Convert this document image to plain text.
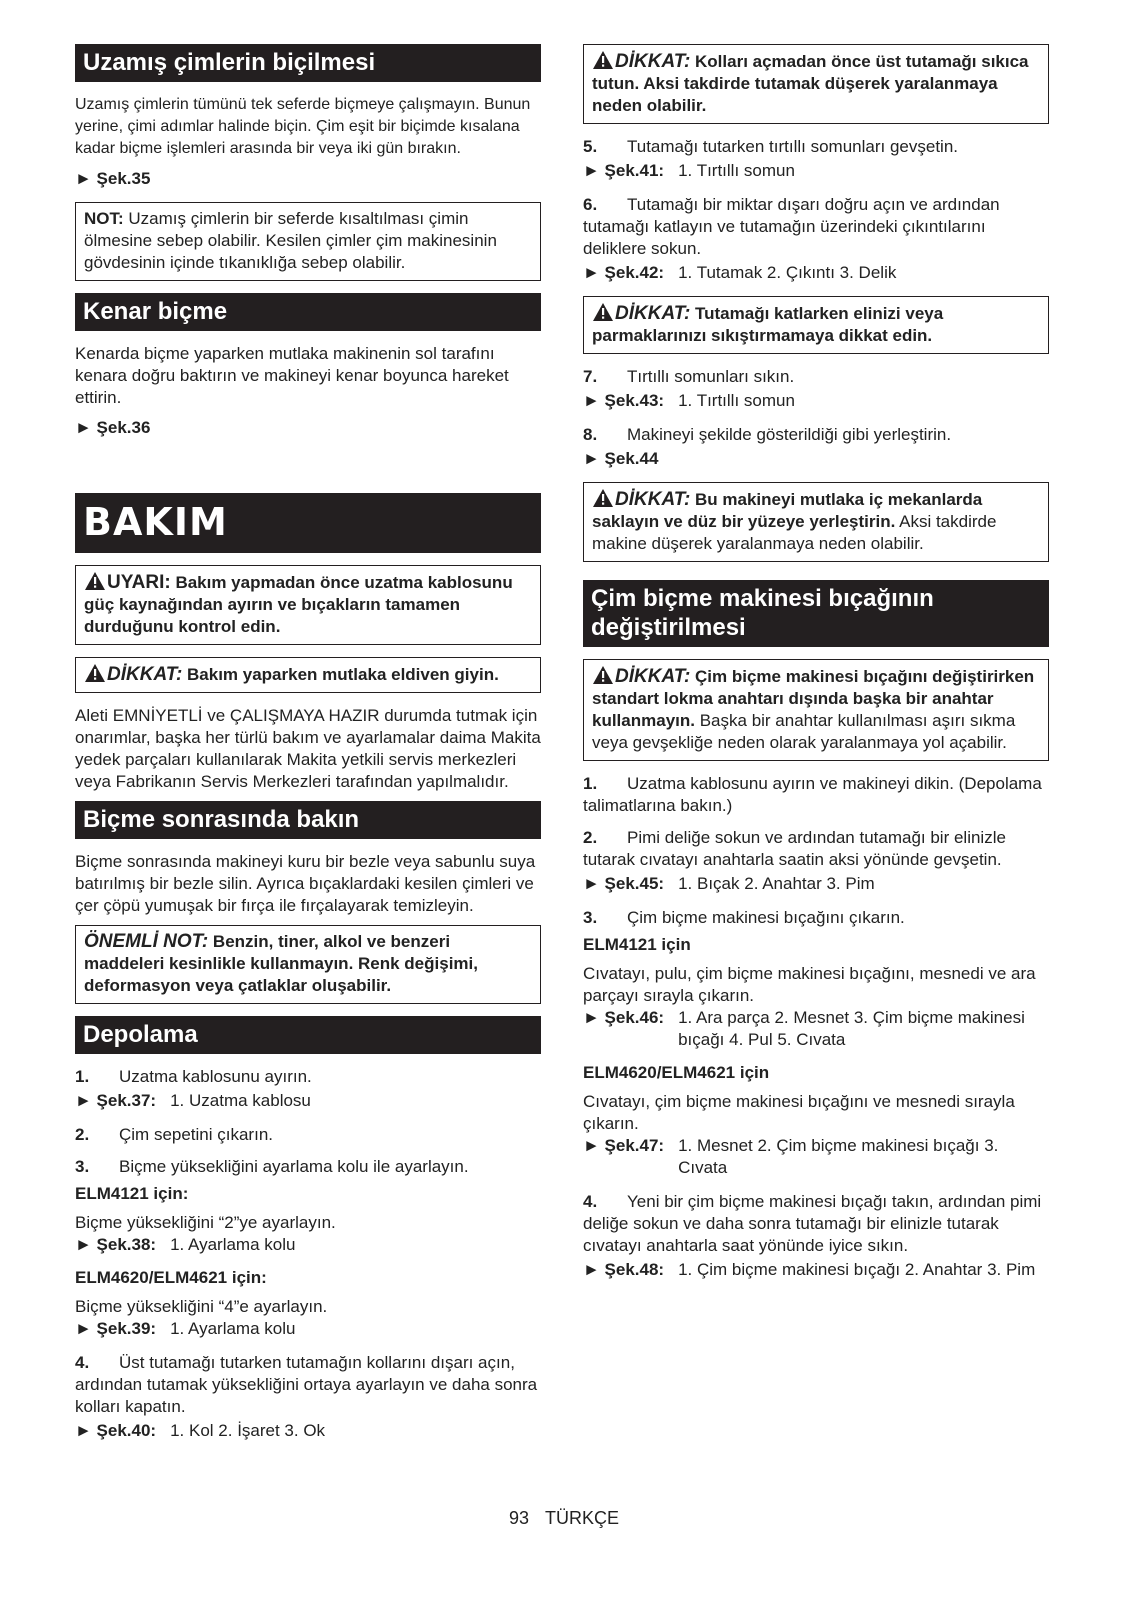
Uzamış çimlerin biçilmesi

Uzamış çimlerin tümünü tek seferde biçmeye çalışmayın. Bunun yerine, çimi adımlar halinde biçin. Çim eşit bir biçimde kısalana kadar biçme işlemleri arasında bir veya iki gün bırakın.

► Şek.35
NOT: Uzamış çimlerin bir seferde kısaltılması çimin ölmesine sebep olabilir. Kesilen çimler çim makinesinin gövdesinin içinde tıkanıklığa sebep olabilir.
Kenar biçme

Kenarda biçme yaparken mutlaka makinenin sol tarafını kenara doğru baktırın ve makineyi kenar boyunca hareket ettirin.

► Şek.36
BAKIM
UYARI: Bakım yapmadan önce uzatma kablosunu güç kaynağından ayırın ve bıçakların tamamen durduğunu kontrol edin.
DİKKAT: Bakım yaparken mutlaka eldiven giyin.

Aleti EMNİYETLİ ve ÇALIŞMAYA HAZIR durumda tutmak için onarımlar, başka her türlü bakım ve ayarlamalar daima Makita yedek parçaları kullanılarak Makita yetkili servis merkezleri veya Fabrikanın Servis Merkezleri tarafından yapılmalıdır.

Biçme sonrasında bakın

Biçme sonrasında makineyi kuru bir bezle veya sabunlu suya batırılmış bir bezle silin. Ayrıca bıçaklardaki kesilen çimleri ve çer çöpü yumuşak bir fırça ile fırçalayarak temizleyin.

ÖNEMLİ NOT: Benzin, tiner, alkol ve benzeri maddeleri kesinlikle kullanmayın. Renk değişimi, deformasyon veya çatlaklar oluşabilir.
Depolama
1. Uzatma kablosunu ayırın.
► Şek.37: 1. Uzatma kablosu
2. Çim sepetini çıkarın.
3. Biçme yüksekliğini ayarlama kolu ile ayarlayın.
ELM4121 için:

Biçme yüksekliğini “2”ye ayarlayın.

► Şek.38: 1. Ayarlama kolu
ELM4620/ELM4621 için:

Biçme yüksekliğini “4”e ayarlayın.

► Şek.39: 1. Ayarlama kolu
4. Üst tutamağı tutarken tutamağın kollarını dışarı açın, ardından tutamak yüksekliğini ortaya ayarlayın ve daha sonra kolları kapatın.
► Şek.40: 1. Kol 2. İşaret 3. Ok
DİKKAT: Kolları açmadan önce üst tutamağı sıkıca tutun. Aksi takdirde tutamak düşerek yaralanmaya neden olabilir.
5. Tutamağı tutarken tırtıllı somunları gevşetin.
► Şek.41: 1. Tırtıllı somun
6. Tutamağı bir miktar dışarı doğru açın ve ardından tutamağı katlayın ve tutamağın üzerindeki çıkıntılarını deliklere sokun.
► Şek.42: 1. Tutamak 2. Çıkıntı 3. Delik
DİKKAT: Tutamağı katlarken elinizi veya parmaklarınızı sıkıştırmamaya dikkat edin.
7. Tırtıllı somunları sıkın.
► Şek.43: 1. Tırtıllı somun
8. Makineyi şekilde gösterildiği gibi yerleştirin.
► Şek.44
DİKKAT: Bu makineyi mutlaka iç mekanlarda saklayın ve düz bir yüzeye yerleştirin. Aksi takdirde makine düşerek yaralanmaya neden olabilir.
Çim biçme makinesi bıçağının değiştirilmesi
DİKKAT: Çim biçme makinesi bıçağını değiştirirken standart lokma anahtarı dışında başka bir anahtar kullanmayın. Başka bir anahtar kullanılması aşırı sıkma veya gevşekliğe neden olarak yaralanmaya yol açabilir.
1. Uzatma kablosunu ayırın ve makineyi dikin. (Depolama talimatlarına bakın.)
2. Pimi deliğe sokun ve ardından tutamağı bir elinizle tutarak cıvatayı anahtarla saatin aksi yönünde gevşetin.
► Şek.45: 1. Bıçak 2. Anahtar 3. Pim
3. Çim biçme makinesi bıçağını çıkarın.
ELM4121 için

Cıvatayı, pulu, çim biçme makinesi bıçağını, mesnedi ve ara parçayı sırayla çıkarın.

► Şek.46: 1. Ara parça 2. Mesnet 3. Çim biçme makinesi bıçağı 4. Pul 5. Cıvata
ELM4620/ELM4621 için

Cıvatayı, çim biçme makinesi bıçağını ve mesnedi sırayla çıkarın.

► Şek.47: 1. Mesnet 2. Çim biçme makinesi bıçağı 3. Cıvata
4. Yeni bir çim biçme makinesi bıçağı takın, ardından pimi deliğe sokun ve daha sonra tutamağı bir elinizle tutarak cıvatayı anahtarla saat yönünde iyice sıkın.
► Şek.48: 1. Çim biçme makinesi bıçağı 2. Anahtar 3. Pim
93 TÜRKÇE
